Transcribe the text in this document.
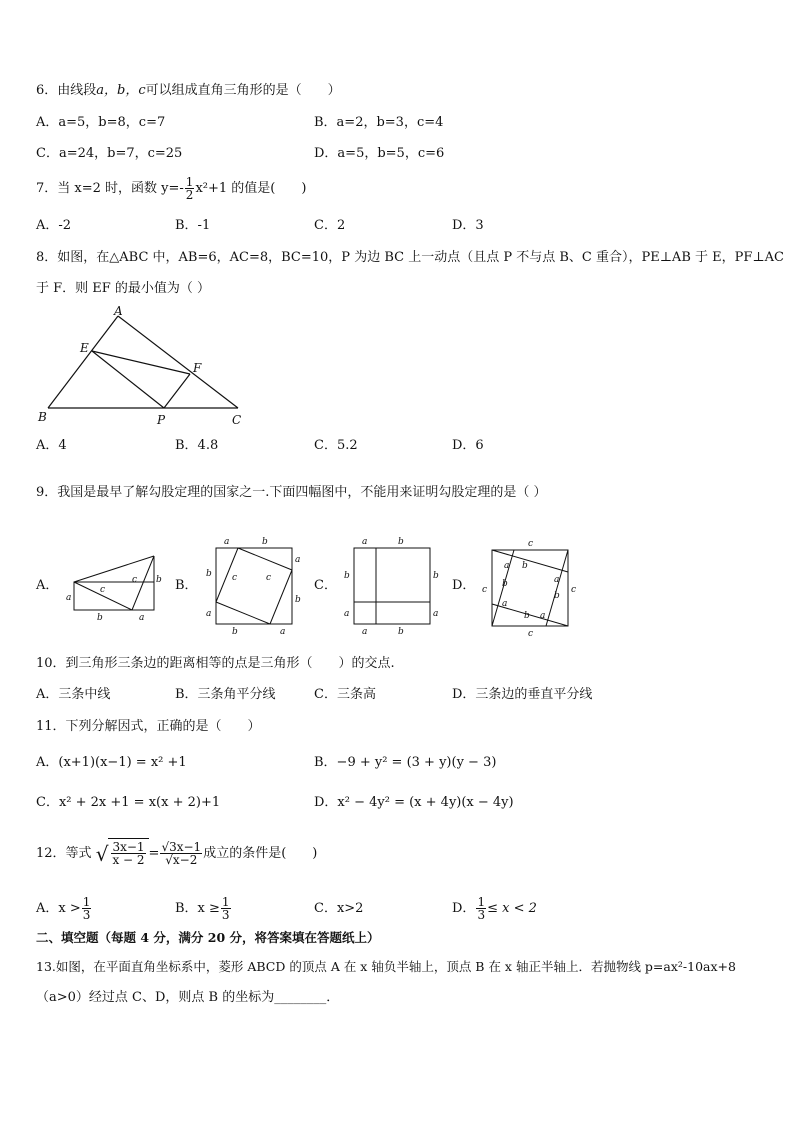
6．由线段a，b，c可以组成直角三角形的是（　　）
A．a=5，b=8，c=7	B．a=2，b=3，c=4
C．a=24，b=7，c=25	D．a=5，b=5，c=6
7．当 x=2 时，函数 $y=- \frac{1}{2} x^2+1$ 的值是(　　)
A．-2	B．-1	C．2	D．3
8．如图，在△ABC 中，AB=6，AC=8，BC=10，P 为边 BC 上一动点（且点 P 不与点 B、C 重合），PE⊥AB 于 E，PF⊥AC
于 F．则 EF 的最小值为（ ）
A
B	C
E
F
P
A．4	B．4.8	C．5.2	D．6
9．我国是最早了解勾股定理的国家之一.下面四幅图中，不能用来证明勾股定理的是（ ）
A．
a
c
c b
b	a
B．
a	b
b
a
a
b
b	a
c	c	C．
a	b
b
a
b
a
a	b
D．
c
c	c
c
a b
a
b
b
a
b a
10．到三角形三条边的距离相等的点是三角形（　　）的交点.
A．三条中线	B．三条角平分线	C．三条高	D．三条边的垂直平分线
11．下列分解因式，正确的是（　　）
A．(x+1)(x−1) = x² +1	B．−9 + y² = (3 + y)(y − 3)
C．x² + 2x +1 = x(x + 2)+1	D．x² − 4y² = (x + 4y)(x − 4y)
12．等式 √ $\frac{3x-1}{x - 2} = \frac{√3x-1}{√x-2}$ 成立的条件是(　　)
A．$x > \frac{1}{3}$	B．$x \ge \frac{1}{3}$	C．x>2	D． $\frac{1}{3} \le x < 2$
二、填空题（每题 4 分，满分 20 分，将答案填在答题纸上）
13.如图，在平面直角坐标系中，菱形 ABCD 的顶点 A 在 x 轴负半轴上，顶点 B 在 x 轴正半轴上．若抛物线 p=ax²-10ax+8
（a>0）经过点 C、D，则点 B 的坐标为________．
